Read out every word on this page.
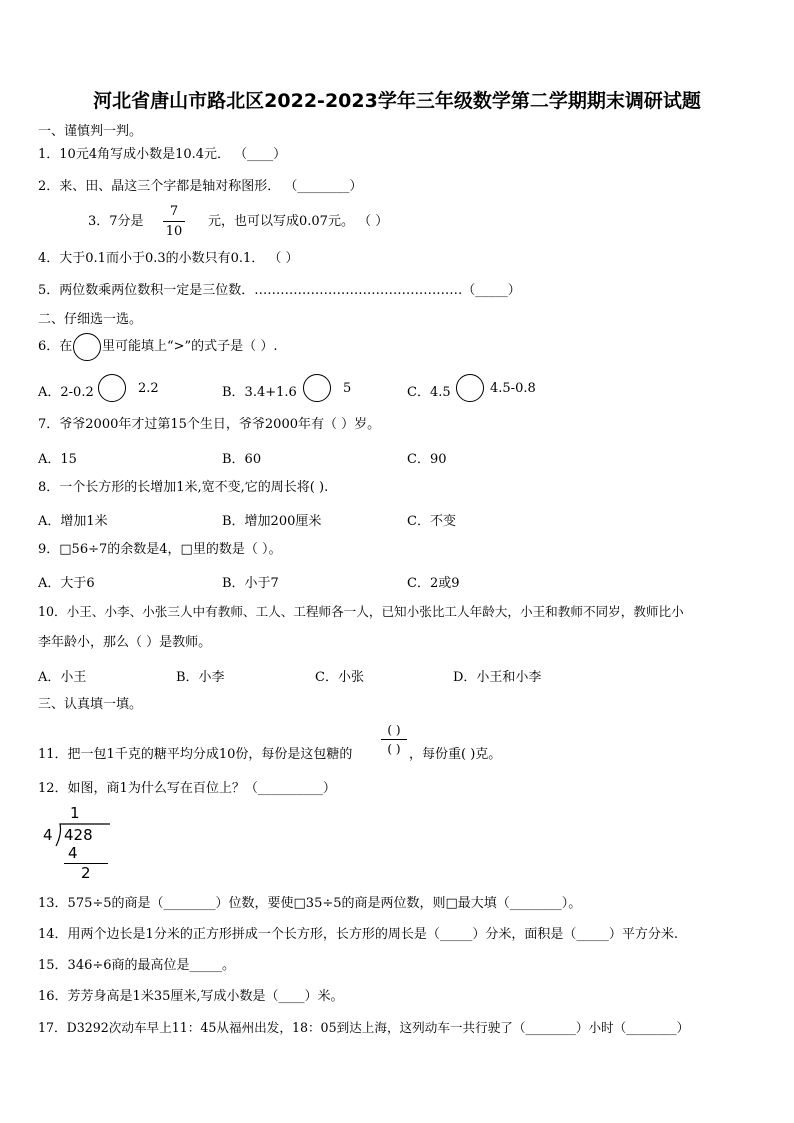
河北省唐山市路北区2022-2023学年三年级数学第二学期期末调研试题
一、谨慎判一判。
1．10元4角写成小数是10.4元． （____）
2．来、田、晶这三个字都是轴对称图形． （________）
3．7分是
7
10
元，也可以写成0.07元。 （ ）
4．大于0.1而小于0.3的小数只有0.1． （ ）
5．两位数乘两位数积一定是三位数．…………………………………………（_____）
二、仔细选一选。
6．在 里可能填上“>”的式子是（ ）.
A．2-0.2	2.2	B．3.4+1.6	5	C．4.5	4.5-0.8
7．爷爷2000年才过第15个生日，爷爷2000年有（ ）岁。
A．15	B．60	C．90
8．一个长方形的长增加1米,宽不变,它的周长将( ).
A．增加1米	B．增加200厘米	C．不变
9．□56÷7的余数是4，□里的数是（ ）。
A．大于6	B．小于7	C．2或9
10．小王、小李、小张三人中有教师、工人、工程师各一人，已知小张比工人年龄大，小王和教师不同岁，教师比小
李年龄小，那么（ ）是教师。
A．小王	B．小李	C．小张	D．小王和小李
三、认真填一填。
11．把一包1千克的糖平均分成10份，每份是这包糖的
( )
( ) ，每份重( )克。
12．如图，商1为什么写在百位上？（__________）
1
4 428
4
2
13．575÷5的商是（________）位数，要使□35÷5的商是两位数，则□最大填（________）。
14．用两个边长是1分米的正方形拼成一个长方形，长方形的周长是（_____）分米，面积是（_____）平方分米.
15．346÷6商的最高位是_____。
16．芳芳身高是1米35厘米,写成小数是（____）米。
17．D3292次动车早上11：45从福州出发，18：05到达上海，这列动车一共行驶了（________）小时（________）
